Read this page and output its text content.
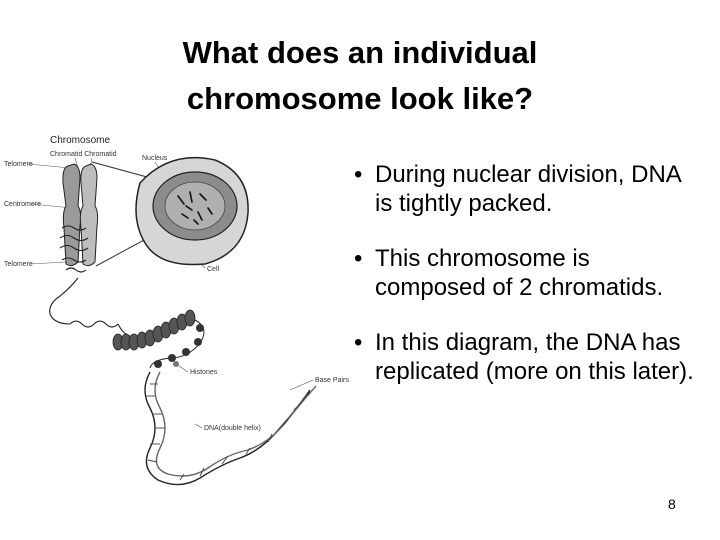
What does an individual
chromosome look like?
Chromosome
Chromatid Chromatid
Nucleus
Telomere
Centromere
Telomere
Cell
Histones
Base Pairs
DNA(double helix)
• During nuclear division, DNA is tightly packed.
• This chromosome is composed of 2 chromatids.
• In this diagram, the DNA has replicated (more on this later).
8
